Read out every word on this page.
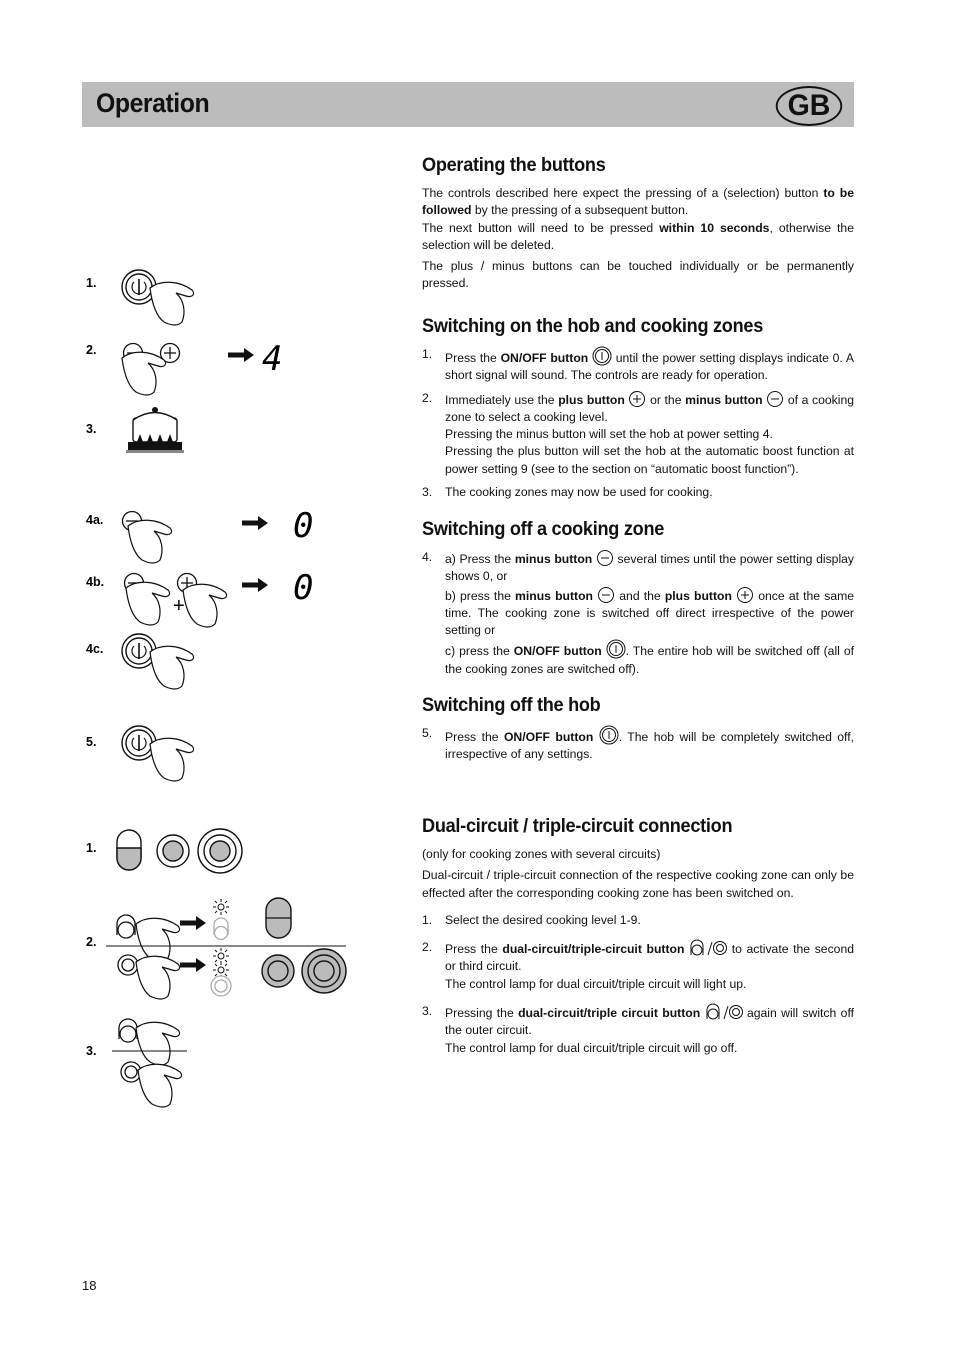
Operation	GB
1.
2.
3.
4a.
4b.
4c.
5.
1.
2.
3.
4
0
+	0
Operating the buttons

The controls described here expect the pressing of a (selection) button to be followed by the pressing of a subsequent button.

The next button will need to be pressed within 10 seconds, otherwise the selection will be deleted.

The plus / minus buttons can be touched individually or be permanently pressed.

Switching on the hob and cooking zones
1. Press the ON/OFF button  until the power setting displays indicate 0. A short signal will sound. The controls are ready for operation.
2. Immediately use the plus button  or the minus button  of a cooking zone to select a cooking level.
Pressing the minus button will set the hob at power setting 4.
Pressing the plus button will set the hob at the automatic boost function at power setting 9 (see to the section on “automatic boost function”).
3. The cooking zones may now be used for cooking.
Switching off a cooking zone
4. a) Press the minus button  several times until the power setting display shows 0, or
b) press the minus button  and the plus button  once at the same time. The cooking zone is switched off direct irrespective of the power setting or
c) press the ON/OFF button . The entire hob will be switched off (all of the cooking zones are switched off).
Switching off the hob
5. Press the ON/OFF button . The hob will be completely switched off, irrespective of any settings.
Dual-circuit / triple-circuit connection

(only for cooking zones with several circuits)

Dual-circuit / triple-circuit connection of the respective cooking zone can only be effected after the corresponding cooking zone has been switched on.

1. Select the desired cooking level 1-9.
2. Press the dual-circuit/triple-circuit button	to activate the second or third circuit.
The control lamp for dual circuit/triple circuit will light up.
3. Pressing the dual-circuit/triple circuit button	again will switch off the outer circuit.
The control lamp for dual circuit/triple circuit will go off.
18
